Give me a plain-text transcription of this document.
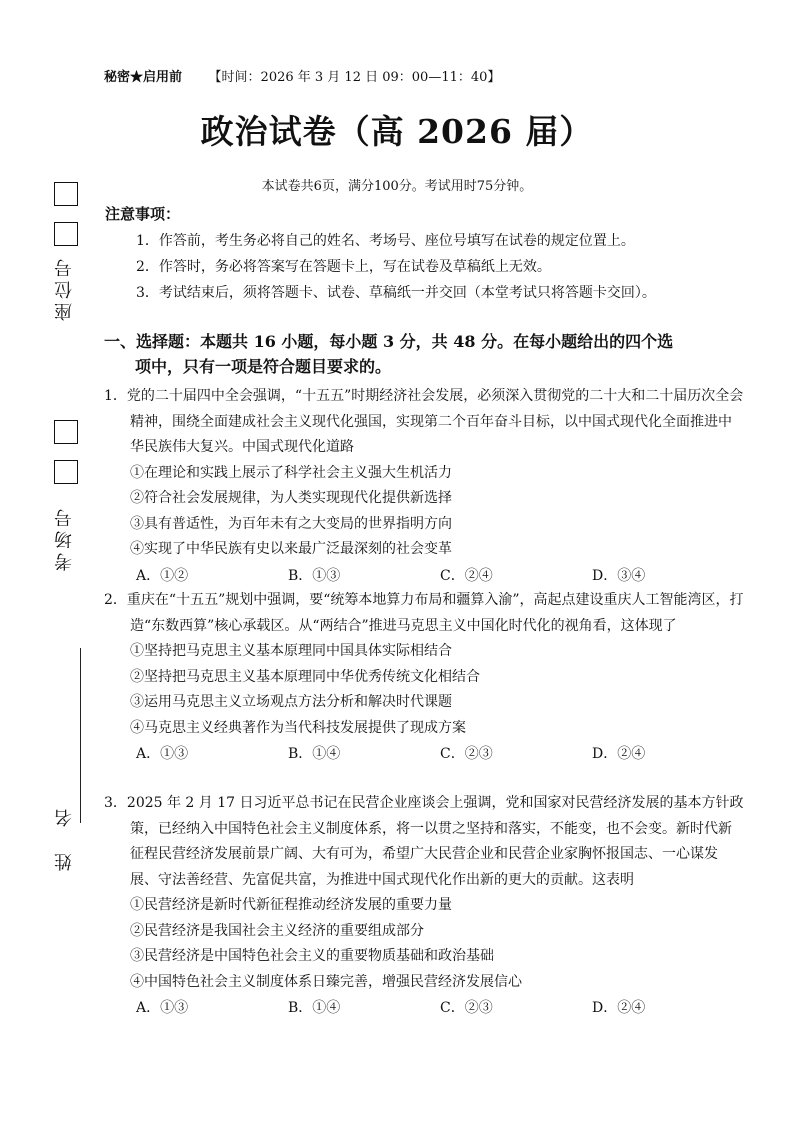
座位号
考场号
姓　名
秘密★启用前 【时间：2026 年 3 月 12 日 09：00—11：40】
政治试卷（高 2026 届）
本试卷共6页，满分100分。考试用时75分钟。
注意事项：
1．作答前，考生务必将自己的姓名、考场号、座位号填写在试卷的规定位置上。
2．作答时，务必将答案写在答题卡上，写在试卷及草稿纸上无效。
3．考试结束后，须将答题卡、试卷、草稿纸一并交回（本堂考试只将答题卡交回）。
一、选择题：本题共 16 小题，每小题 3 分，共 48 分。在每小题给出的四个选
项中，只有一项是符合题目要求的。
1．党的二十届四中全会强调，“十五五”时期经济社会发展，必须深入贯彻党的二十大和二十届历次全会精神，围绕全面建成社会主义现代化强国，实现第二个百年奋斗目标，以中国式现代化全面推进中华民族伟大复兴。中国式现代化道路
①在理论和实践上展示了科学社会主义强大生机活力
②符合社会发展规律，为人类实现现代化提供新选择
③具有普适性，为百年未有之大变局的世界指明方向
④实现了中华民族有史以来最广泛最深刻的社会变革
A．①②	B．①③	C．②④	D．③④
2．重庆在“十五五”规划中强调，要“统筹本地算力布局和疆算入渝”，高起点建设重庆人工智能湾区，打造“东数西算”核心承载区。从“两结合”推进马克思主义中国化时代化的视角看，这体现了
①坚持把马克思主义基本原理同中国具体实际相结合
②坚持把马克思主义基本原理同中华优秀传统文化相结合
③运用马克思主义立场观点方法分析和解决时代课题
④马克思主义经典著作为当代科技发展提供了现成方案
A．①③	B．①④	C．②③	D．②④
3．2025 年 2 月 17 日习近平总书记在民营企业座谈会上强调，党和国家对民营经济发展的基本方针政策，已经纳入中国特色社会主义制度体系，将一以贯之坚持和落实，不能变，也不会变。新时代新征程民营经济发展前景广阔、大有可为，希望广大民营企业和民营企业家胸怀报国志、一心谋发展、守法善经营、先富促共富，为推进中国式现代化作出新的更大的贡献。这表明
①民营经济是新时代新征程推动经济发展的重要力量
②民营经济是我国社会主义经济的重要组成部分
③民营经济是中国特色社会主义的重要物质基础和政治基础
④中国特色社会主义制度体系日臻完善，增强民营经济发展信心
A．①③	B．①④	C．②③	D．②④
